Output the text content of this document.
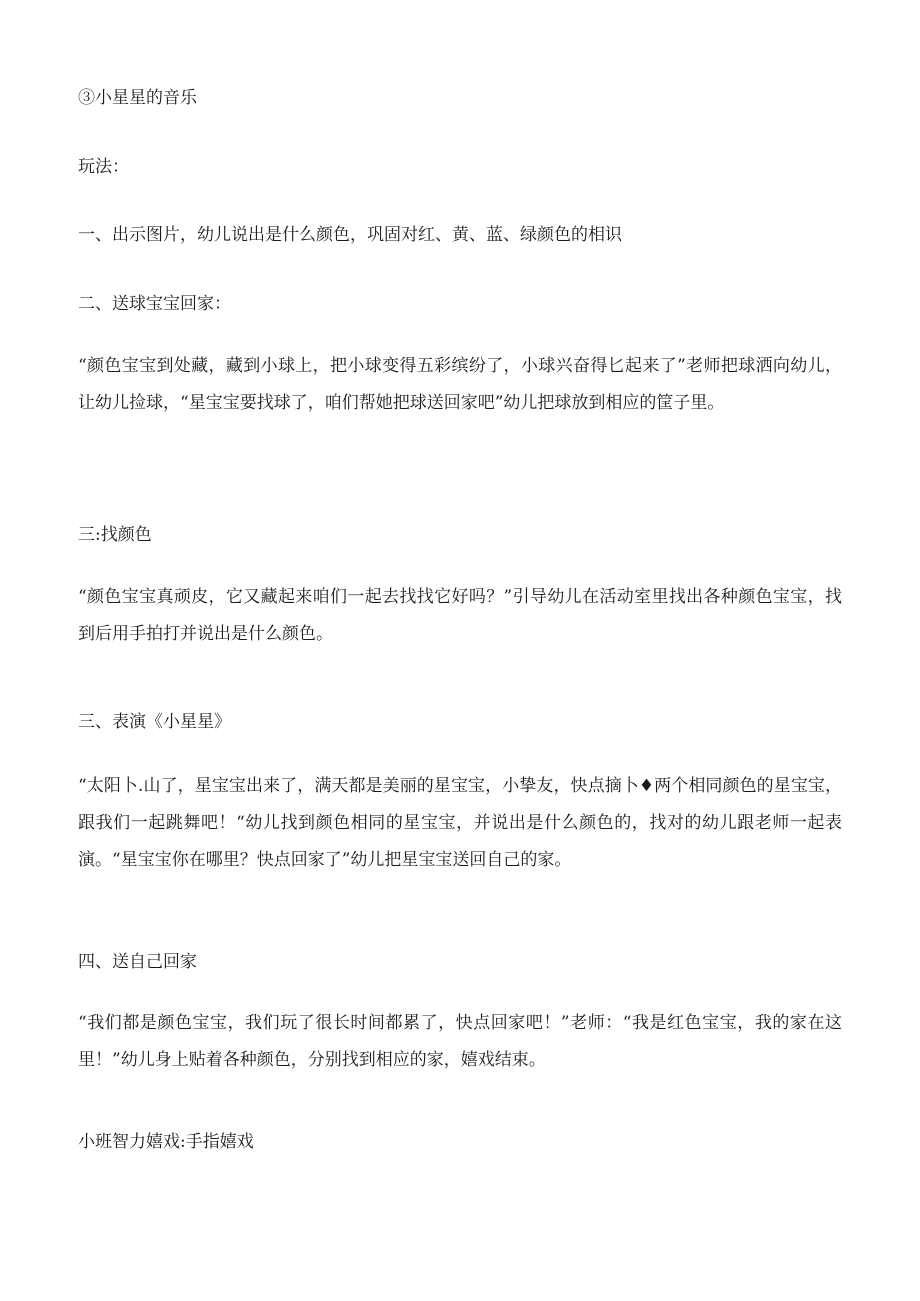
③小星星的音乐

玩法：

一、出示图片，幼儿说出是什么颜色，巩固对红、黄、蓝、绿颜色的相识

二、送球宝宝回家：

“颜色宝宝到处藏，藏到小球上，把小球变得五彩缤纷了，小球兴奋得匕起来了”老师把球洒向幼儿，让幼儿捡球，“星宝宝要找球了，咱们帮她把球送回家吧”幼儿把球放到相应的筐子里。

三:找颜色

“颜色宝宝真顽皮，它又藏起来咱们一起去找找它好吗？”引导幼儿在活动室里找出各种颜色宝宝，找到后用手拍打并说出是什么颜色。

三、表演《小星星》

“太阳卜.山了，星宝宝出来了，满天都是美丽的星宝宝，小挚友，快点摘卜♦两个相同颜色的星宝宝，跟我们一起跳舞吧！“幼儿找到颜色相同的星宝宝，并说出是什么颜色的，找对的幼儿跟老师一起表演。“星宝宝你在哪里？快点回家了”幼儿把星宝宝送回自己的家。

四、送自己回家

“我们都是颜色宝宝，我们玩了很长时间都累了，快点回家吧！”老师：“我是红色宝宝，我的家在这里！”幼儿身上贴着各种颜色，分别找到相应的家，嬉戏结束。

小班智力嬉戏:手指嬉戏
